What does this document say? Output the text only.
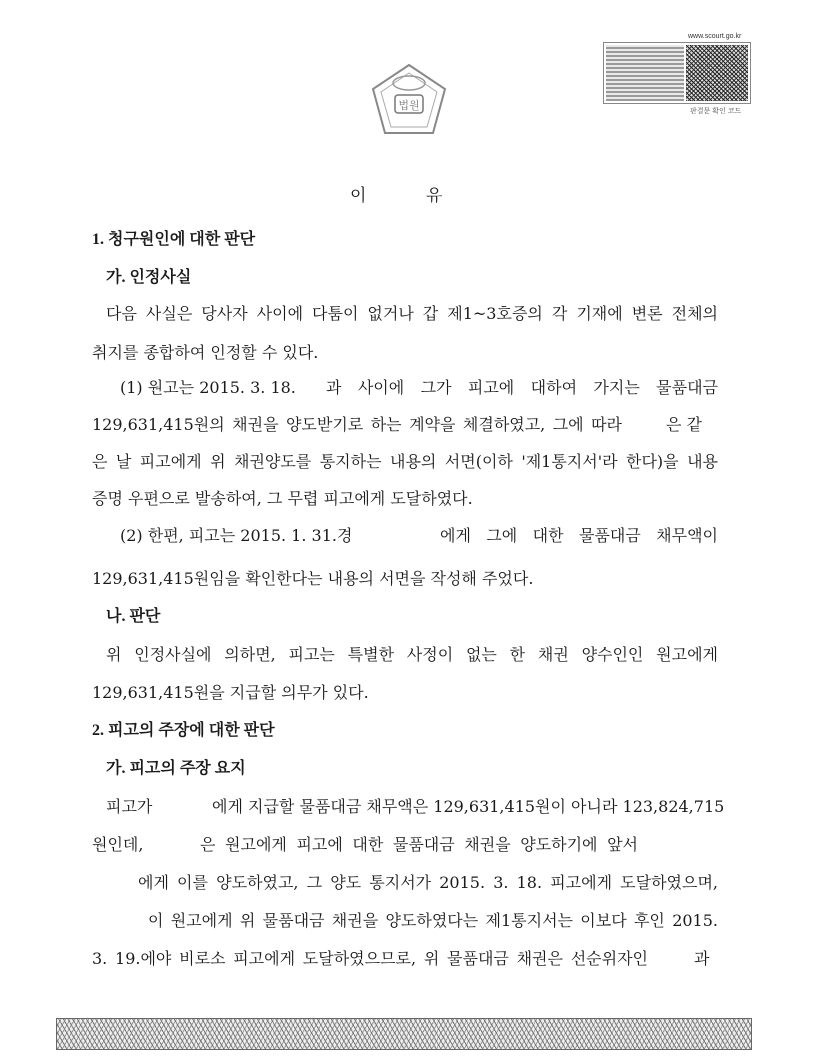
www.scourt.go.kr
판결문 확인 코드
법원
이	유
1. 청구원인에 대한 판단
가. 인정사실
다음 사실은 당사자 사이에 다툼이 없거나 갑 제1~3호증의 각 기재에 변론 전체의
취지를 종합하여 인정할 수 있다.
(1) 원고는 2015. 3. 18. 과 사이에 그가 피고에 대하여 가지는 물품대금
129,631,415원의 채권을 양도받기로 하는 계약을 체결하였고, 그에 따라	은 같
은 날 피고에게 위 채권양도를 통지하는 내용의 서면(이하 '제1통지서'라 한다)을 내용
증명 우편으로 발송하여, 그 무렵 피고에게 도달하였다.
(2) 한편, 피고는 2015. 1. 31.경	에게 그에 대한 물품대금 채무액이
129,631,415원임을 확인한다는 내용의 서면을 작성해 주었다.
나. 판단
위 인정사실에 의하면, 피고는 특별한 사정이 없는 한 채권 양수인인 원고에게
129,631,415원을 지급할 의무가 있다.
2. 피고의 주장에 대한 판단
가. 피고의 주장 요지
피고가	에게 지급할 물품대금 채무액은 129,631,415원이 아니라 123,824,715
원인데,	은 원고에게 피고에 대한 물품대금 채권을 양도하기에 앞서
에게 이를 양도하였고, 그 양도 통지서가 2015. 3. 18. 피고에게 도달하였으며,
이 원고에게 위 물품대금 채권을 양도하였다는 제1통지서는 이보다 후인 2015.
3. 19.에야 비로소 피고에게 도달하였으므로, 위 물품대금 채권은 선순위자인	과
